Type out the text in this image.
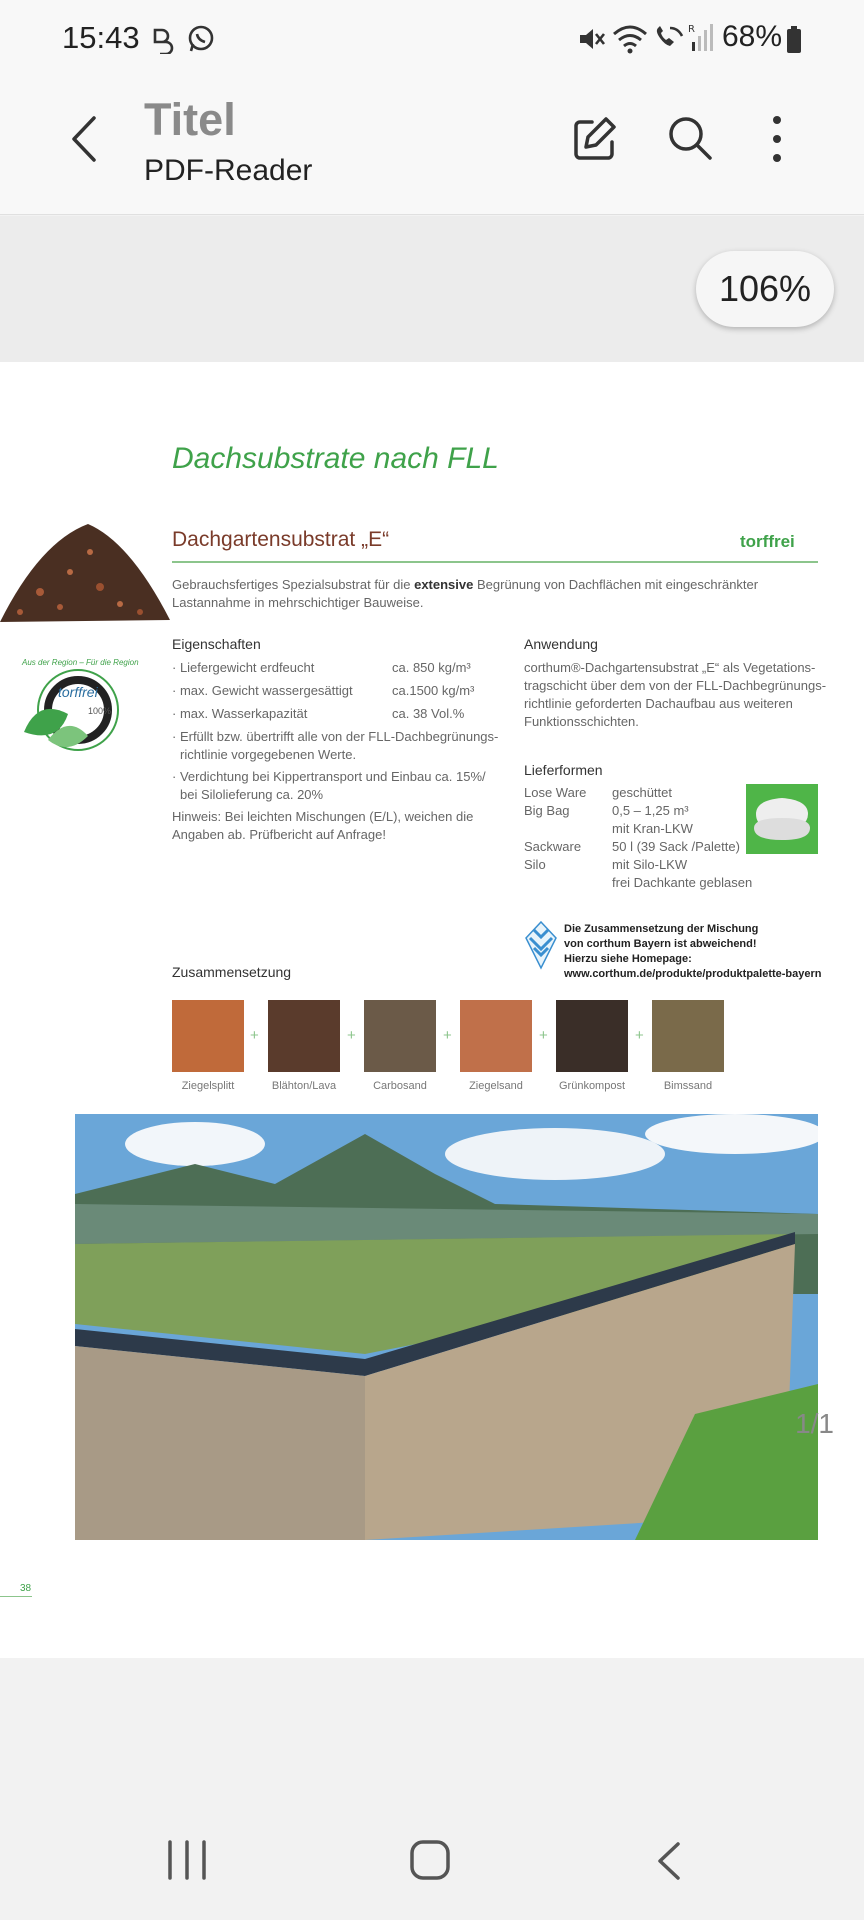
15:43	R 68%
Titel
PDF-Reader
106%
Dachsubstrate nach FLL
Aus der Region – Für die Region
torffrei
100%
Dachgartensubstrat „E“	torffrei
Gebrauchsfertiges Spezialsubstrat für die extensive Begrünung von Dachflächen mit eingeschränkter Lastannahme in mehrschichtiger Bauweise.
Eigenschaften
· Liefergewicht erdfeucht	ca. 850 kg/m³
· max. Gewicht wassergesättigt	ca.1500 kg/m³
· max. Wasserkapazität	ca. 38 Vol.%
· Erfüllt bzw. übertrifft alle von der FLL-Dachbegrünungs-
richtlinie vorgegebenen Werte.
· Verdichtung bei Kippertransport und Einbau ca. 15%/
bei Silolieferung ca. 20%
Hinweis: Bei leichten Mischungen (E/L), weichen die
Angaben ab. Prüfbericht auf Anfrage!
Anwendung
corthum®-Dachgartensubstrat „E“ als Vegetations-
tragschicht über dem von der FLL-Dachbegrünungs-
richtlinie geforderten Dachaufbau aus weiteren
Funktionsschichten.
Lieferformen
Lose Ware geschüttet
Big Bag	0,5 – 1,25 m³
mit Kran-LKW
Sackware 50 l (39 Sack /Palette)
Silo	mit Silo-LKW
frei Dachkante geblasen
Die Zusammensetzung der Mischung
von corthum Bayern ist abweichend!
Hierzu siehe Homepage:
www.corthum.de/produkte/produktpalette-bayern
Zusammensetzung
+	+	+	+	+
Ziegelsplitt	Blähton/Lava	Carbosand	Ziegelsand	Grünkompost	Bimssand
38
1/1
